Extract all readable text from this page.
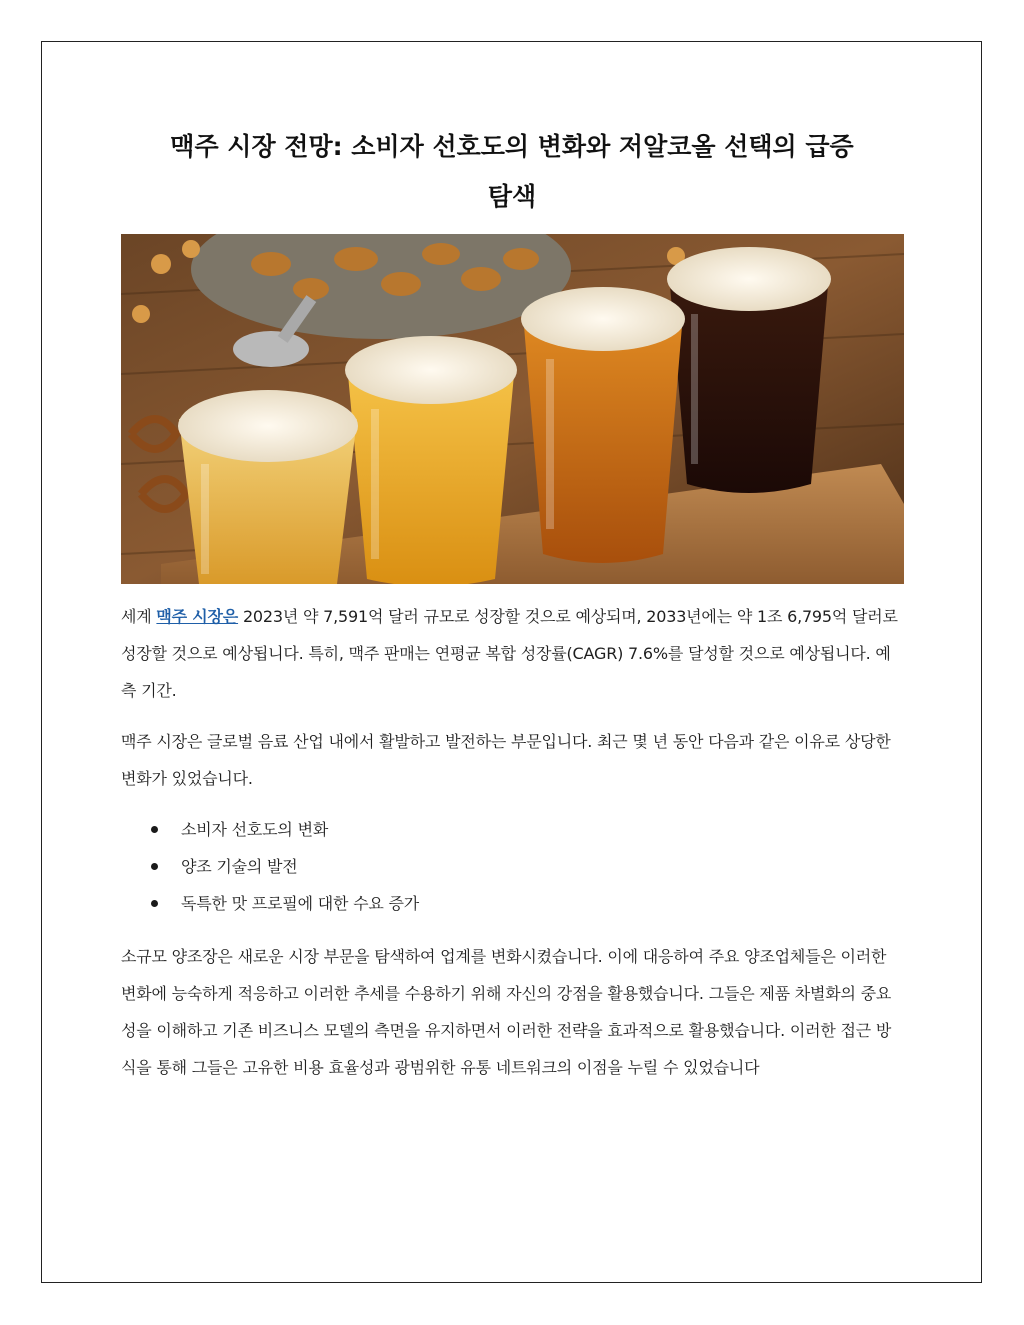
맥주 시장 전망: 소비자 선호도의 변화와 저알코올 선택의 급증
탐색

세계 맥주 시장은 2023년 약 7,591억 달러 규모로 성장할 것으로 예상되며, 2033년에는 약 1조 6,795억 달러로 성장할 것으로 예상됩니다. 특히, 맥주 판매는 연평균 복합 성장률(CAGR) 7.6%를 달성할 것으로 예상됩니다. 예측 기간.

맥주 시장은 글로벌 음료 산업 내에서 활발하고 발전하는 부문입니다. 최근 몇 년 동안 다음과 같은 이유로 상당한 변화가 있었습니다.

소비자 선호도의 변화
양조 기술의 발전
독특한 맛 프로필에 대한 수요 증가

소규모 양조장은 새로운 시장 부문을 탐색하여 업계를 변화시켰습니다. 이에 대응하여 주요 양조업체들은 이러한 변화에 능숙하게 적응하고 이러한 추세를 수용하기 위해 자신의 강점을 활용했습니다. 그들은 제품 차별화의 중요성을 이해하고 기존 비즈니스 모델의 측면을 유지하면서 이러한 전략을 효과적으로 활용했습니다. 이러한 접근 방식을 통해 그들은 고유한 비용 효율성과 광범위한 유통 네트워크의 이점을 누릴 수 있었습니다
